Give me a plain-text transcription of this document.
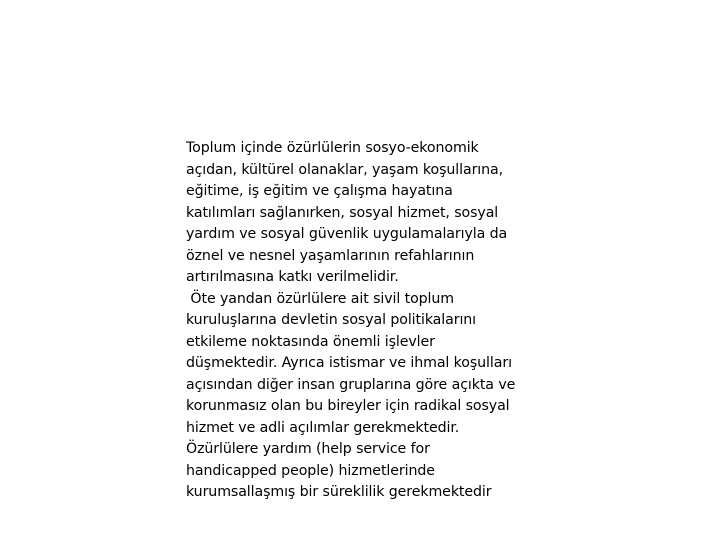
Toplum içinde özürlülerin sosyo-ekonomik
açıdan, kültürel olanaklar, yaşam koşullarına,
eğitime, iş eğitim ve çalışma hayatına
katılımları sağlanırken, sosyal hizmet, sosyal
yardım ve sosyal güvenlik uygulamalarıyla da
öznel ve nesnel yaşamlarının refahlarının
artırılmasına katkı verilmelidir.
Öte yandan özürlülere ait sivil toplum
kuruluşlarına devletin sosyal politikalarını
etkileme noktasında önemli işlevler
düşmektedir. Ayrıca istismar ve ihmal koşulları
açısından diğer insan gruplarına göre açıkta ve
korunmasız olan bu bireyler için radikal sosyal
hizmet ve adli açılımlar gerekmektedir.
Özürlülere yardım (help service for
handicapped people) hizmetlerinde
kurumsallaşmış bir süreklilik gerekmektedir
